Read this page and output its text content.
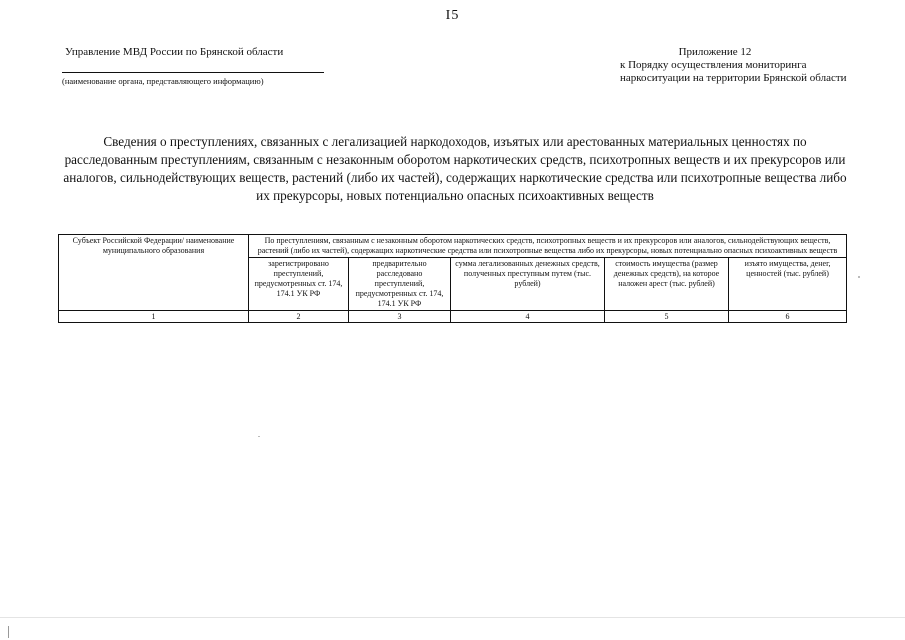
I5
Управление МВД России по Брянской области
(наименование органа, представляющего информацию)
Приложение 12
к Порядку осуществления мониторинга наркоситуации на территории Брянской области
Сведения о преступлениях, связанных с легализацией наркодоходов, изъятых или арестованных материальных ценностях по расследованным преступлениям, связанным с незаконным оборотом наркотических средств, психотропных веществ и их прекурсоров или аналогов, сильнодействующих веществ, растений (либо их частей), содержащих наркотические средства или психотропные вещества либо их прекурсоры, новых потенциально опасных психоактивных веществ
Субъект Российской Федерации/ наименование муниципального образования	По преступлениям, связанным с незаконным оборотом наркотических средств, психотропных веществ и их прекурсоров или аналогов, сильнодействующих веществ, растений (либо их частей), содержащих наркотические средства или психотропные вещества либо их прекурсоры, новых потенциально опасных психоактивных веществ				
	зарегистрировано преступлений, предусмотренных ст. 174, 174.1 УК РФ	предварительно расследовано преступлений, предусмотренных ст. 174, 174.1 УК РФ	сумма легализованных денежных средств, полученных преступным путем (тыс. рублей)	стоимость имущества (размер денежных средств), на которое наложен арест (тыс. рублей)	изъято имущества, денег, ценностей (тыс. рублей)
1	2	3	4	5	6
